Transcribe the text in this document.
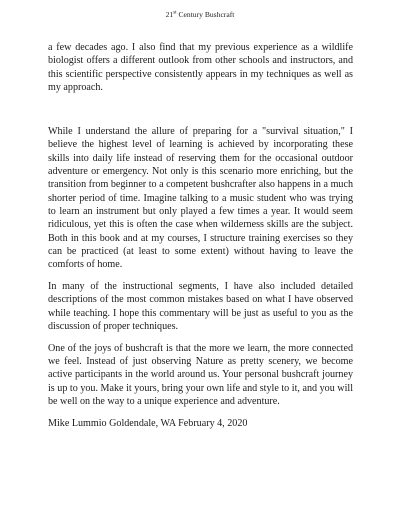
21st Century Bushcraft

a few decades ago. I also find that my previous experience as a wildlife biologist offers a different outlook from other schools and instructors, and this scientific perspective consistently appears in my techniques as well as my approach.

While I understand the allure of preparing for a "survival situation," I believe the highest level of learning is achieved by incorporating these skills into daily life instead of reserving them for the occasional outdoor adventure or emergency. Not only is this scenario more enriching, but the transition from beginner to a competent bushcrafter also happens in a much shorter period of time. Imagine talking to a music student who was trying to learn an instrument but only played a few times a year. It would seem ridiculous, yet this is often the case when wilderness skills are the subject. Both in this book and at my courses, I structure training exercises so they can be practiced (at least to some extent) without having to leave the comforts of home.

In many of the instructional segments, I have also included detailed descriptions of the most common mistakes based on what I have observed while teaching. I hope this commentary will be just as useful to you as the discussion of proper techniques.

One of the joys of bushcraft is that the more we learn, the more connected we feel. Instead of just observing Nature as pretty scenery, we become active participants in the world around us. Your personal bushcraft journey is up to you. Make it yours, bring your own life and style to it, and you will be well on the way to a unique experience and adventure.

Mike Lummio Goldendale, WA February 4, 2020
